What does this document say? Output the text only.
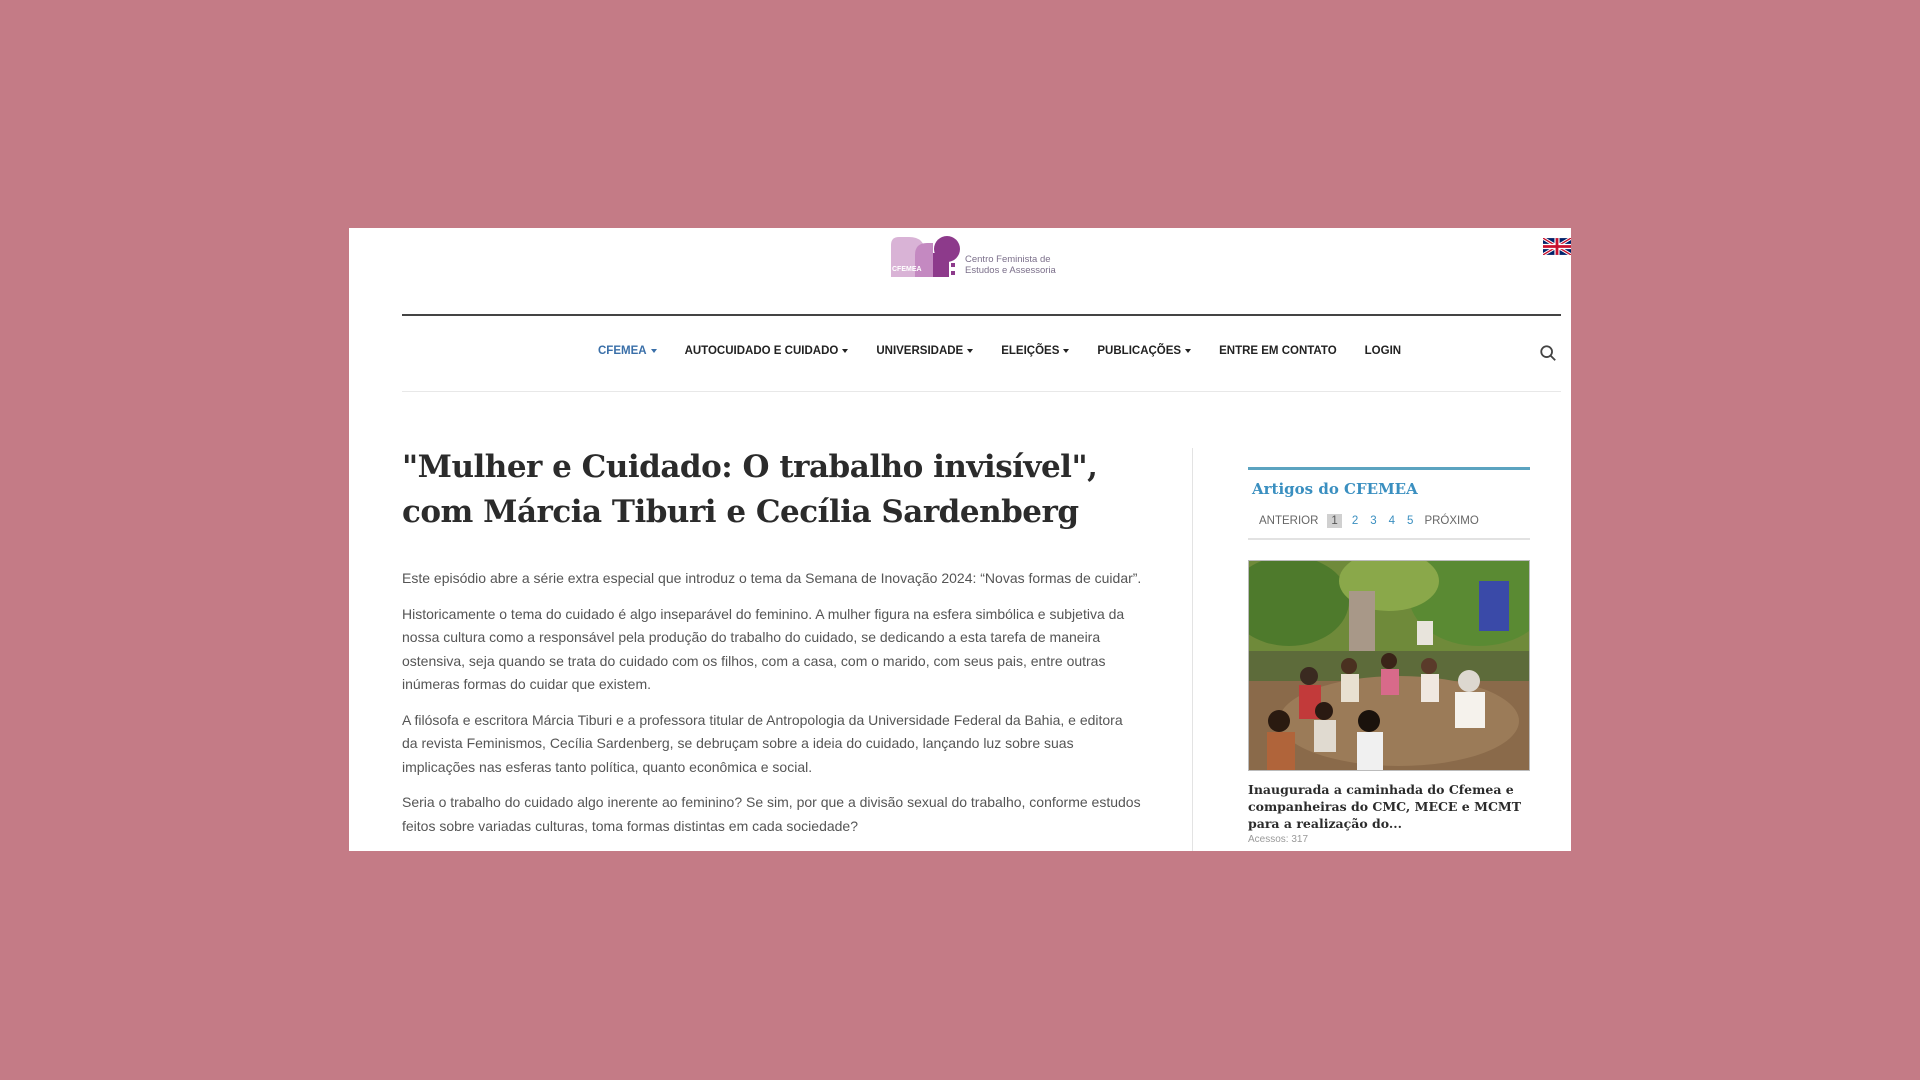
CFEMEA
Centro Feminista de
Estudos e Assessoria
CFEMEA	AUTOCUIDADO E CUIDADO	UNIVERSIDADE	ELEIÇÕES	PUBLICAÇÕES	ENTRE EM CONTATO LOGIN
"Mulher e Cuidado: O trabalho invisível", com Márcia Tiburi e Cecília Sardenberg

Este episódio abre a série extra especial que introduz o tema da Semana de Inovação 2024: “Novas formas de cuidar”.

Historicamente o tema do cuidado é algo inseparável do feminino. A mulher figura na esfera simbólica e subjetiva da nossa cultura como a responsável pela produção do trabalho do cuidado, se dedicando a esta tarefa de maneira ostensiva, seja quando se trata do cuidado com os filhos, com a casa, com o marido, com seus pais, entre outras inúmeras formas do cuidar que existem.

A filósofa e escritora Márcia Tiburi e a professora titular de Antropologia da Universidade Federal da Bahia, e editora da revista Feminismos, Cecília Sardenberg, se debruçam sobre a ideia do cuidado, lançando luz sobre suas implicações nas esferas tanto política, quanto econômica e social.

Seria o trabalho do cuidado algo inerente ao feminino? Se sim, por que a divisão sexual do trabalho, conforme estudos feitos sobre variadas culturas, toma formas distintas em cada sociedade?

Artigos do CFEMEA
ANTERIOR	1	2	3	4	5 PRÓXIMO
Inaugurada a caminhada do Cfemea e companheiras do CMC, MECE e MCMT para a realização do...
Acessos: 317
